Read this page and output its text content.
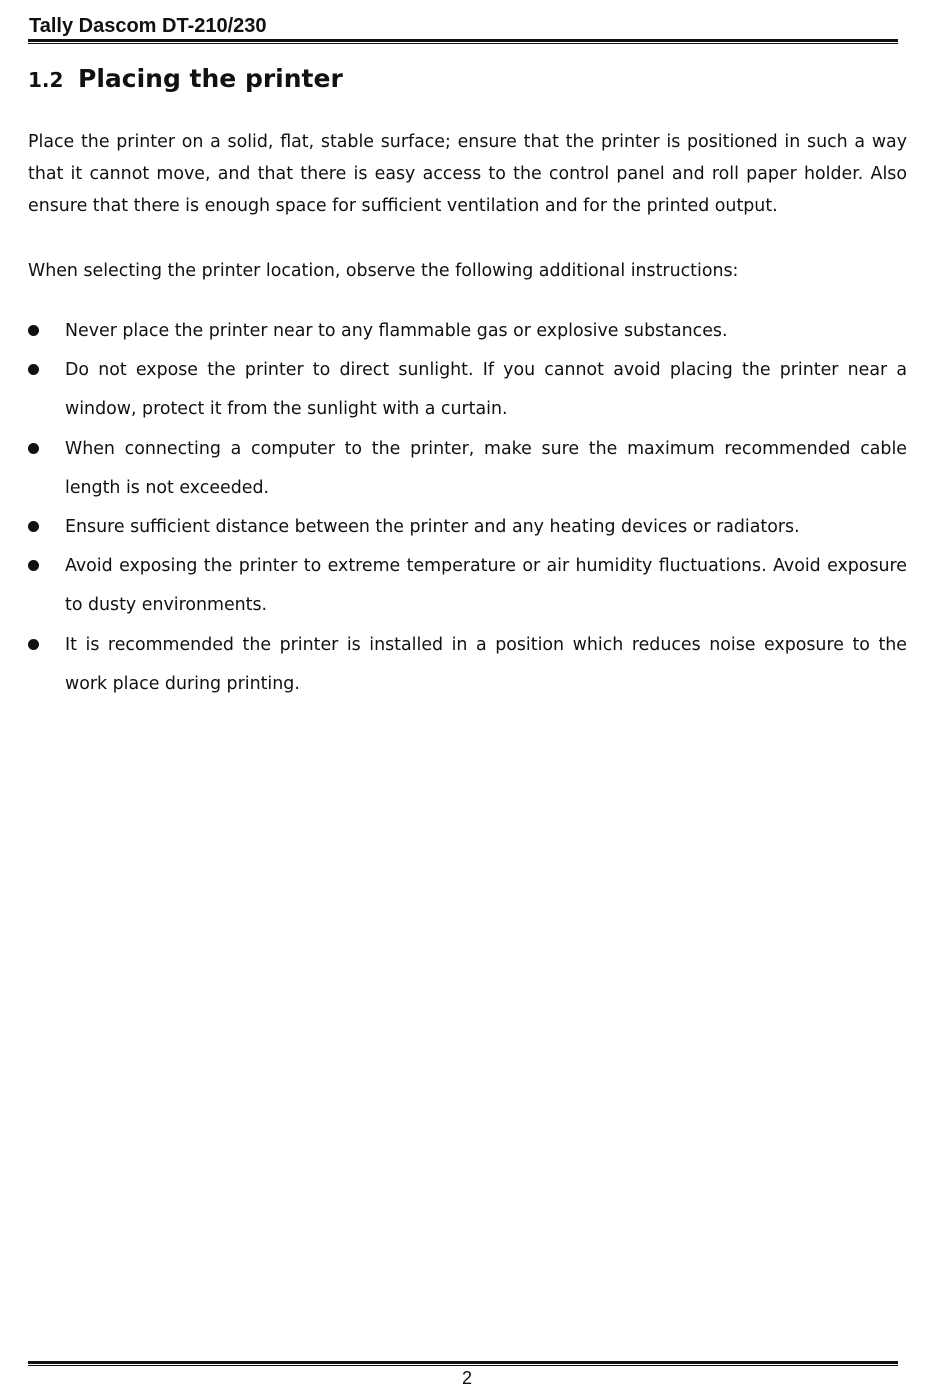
Tally Dascom DT-210/230
1.2 Placing the printer

Place the printer on a solid, flat, stable surface; ensure that the printer is positioned in such a way that it cannot move, and that there is easy access to the control panel and roll paper holder. Also ensure that there is enough space for sufficient ventilation and for the printed output.

When selecting the printer location, observe the following additional instructions:

Never place the printer near to any flammable gas or explosive substances.
Do not expose the printer to direct sunlight. If you cannot avoid placing the printer near a window, protect it from the sunlight with a curtain.
When connecting a computer to the printer, make sure the maximum recommended cable length is not exceeded.
Ensure sufficient distance between the printer and any heating devices or radiators.
Avoid exposing the printer to extreme temperature or air humidity fluctuations. Avoid exposure to dusty environments.
It is recommended the printer is installed in a position which reduces noise exposure to the work place during printing.
2
